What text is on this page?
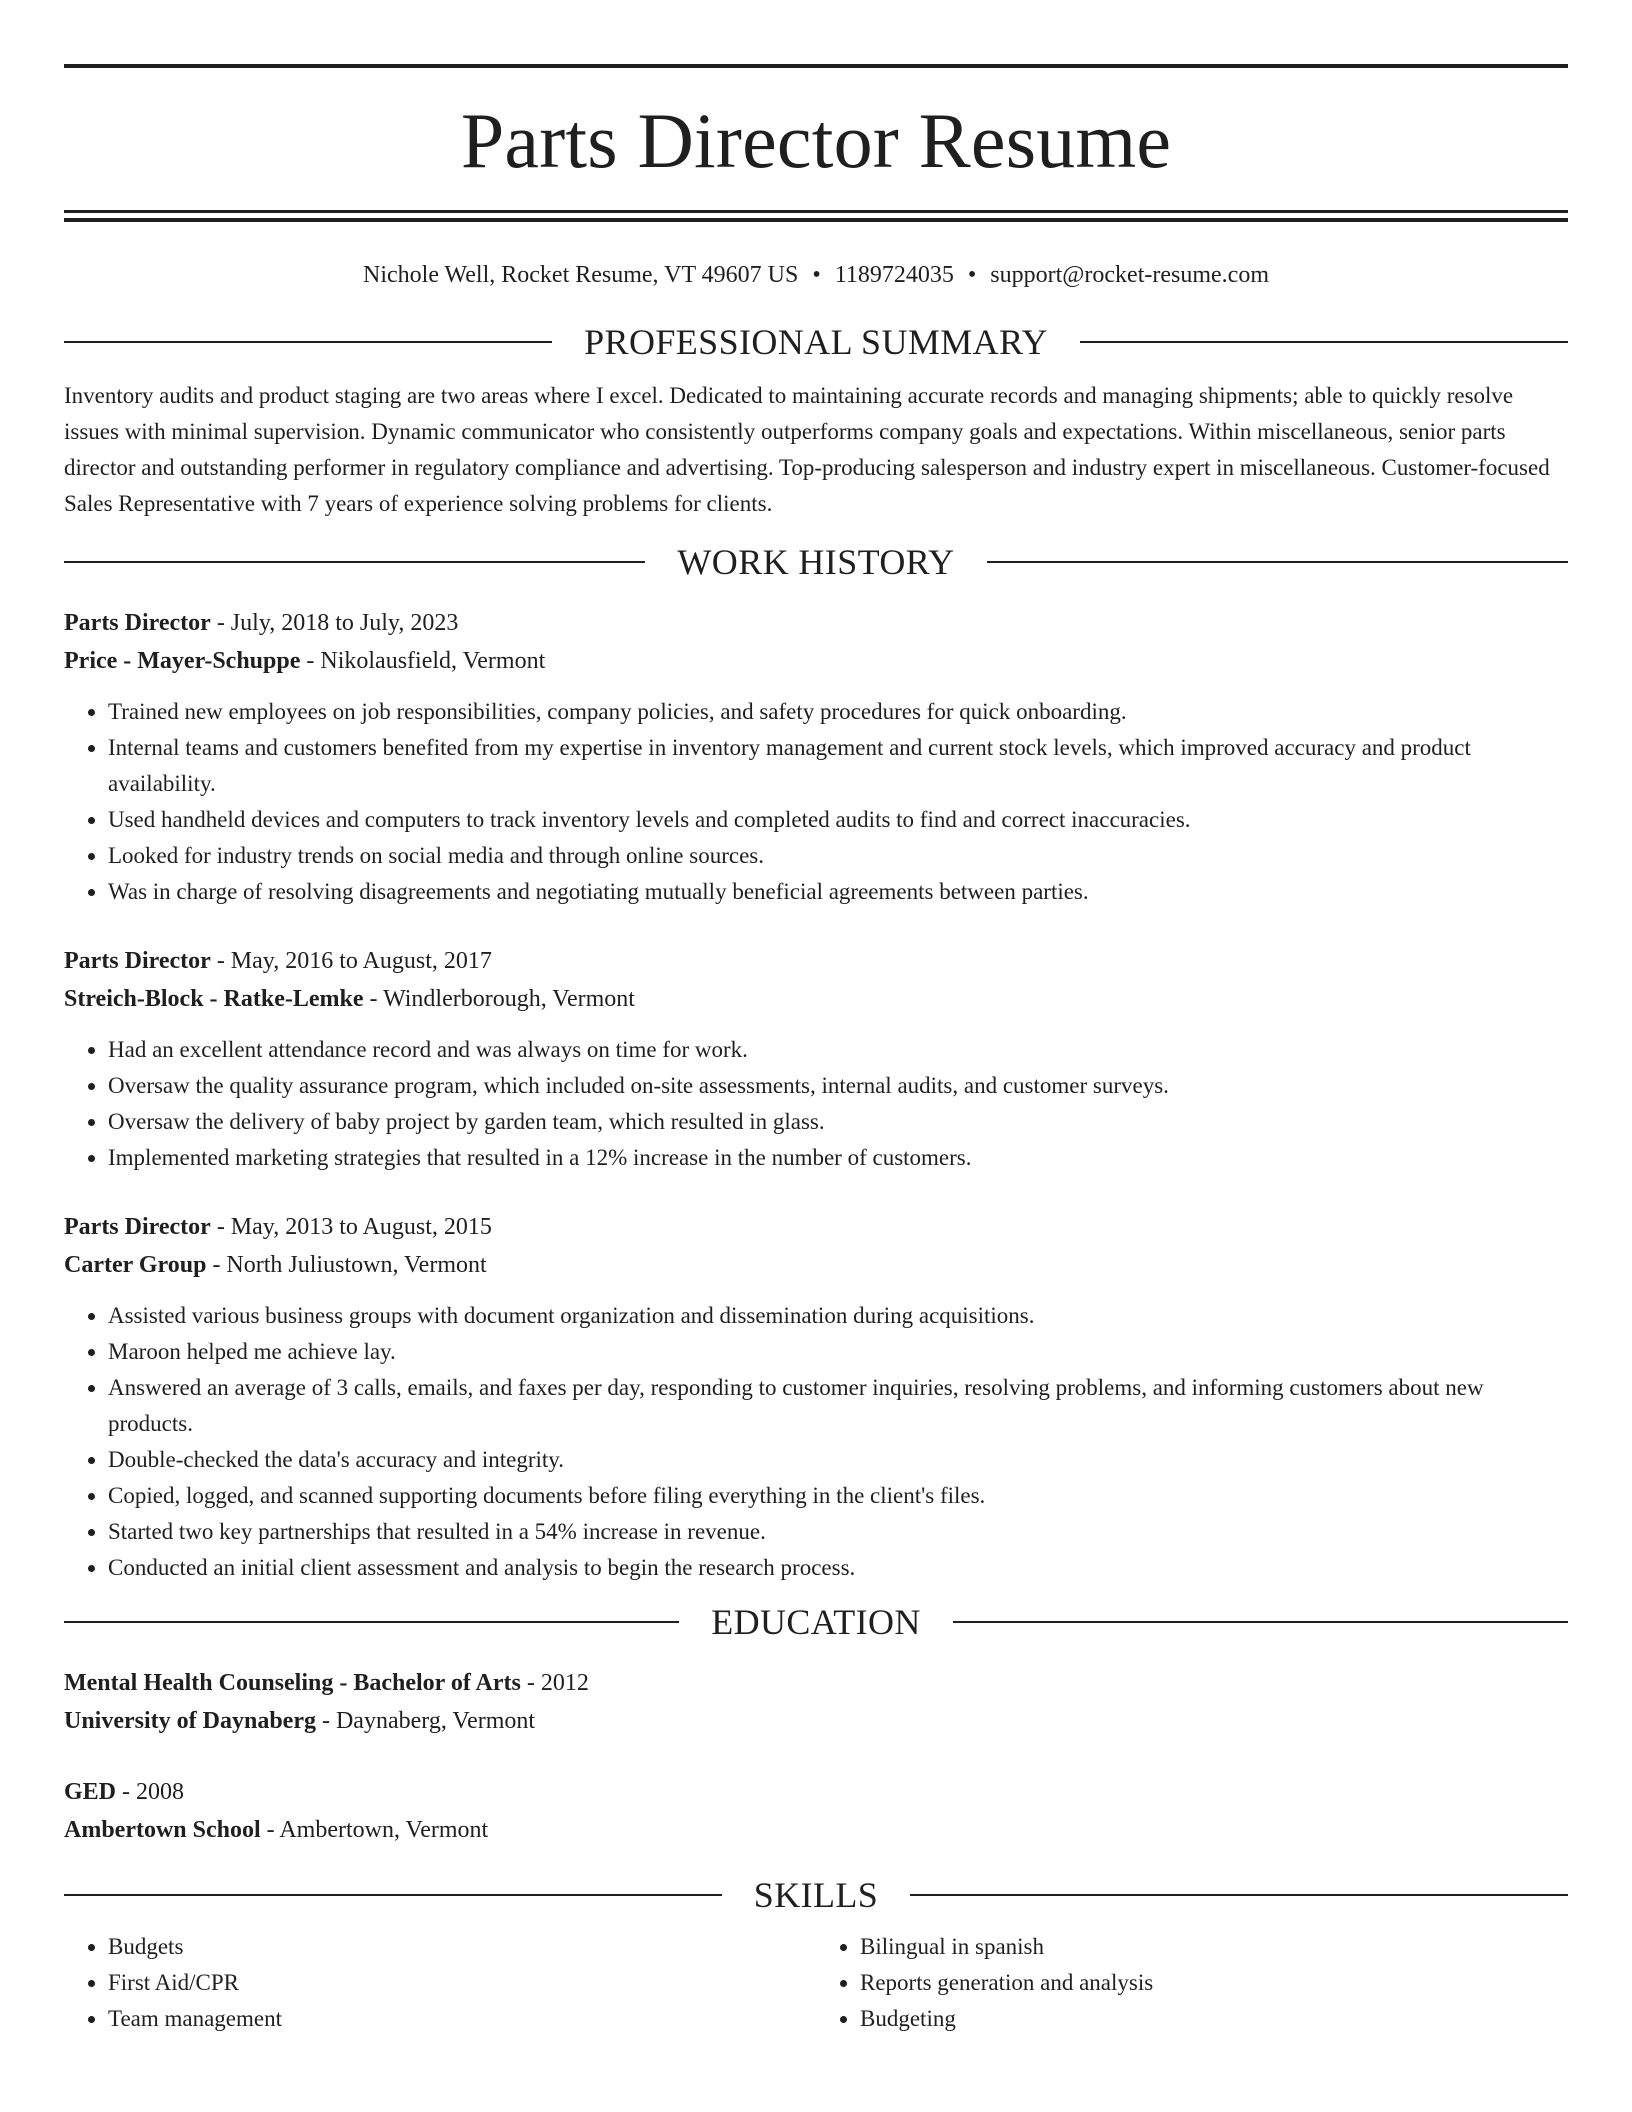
Parts Director Resume
Nichole Well, Rocket Resume, VT 49607 US • 1189724035 • support@rocket-resume.com
PROFESSIONAL SUMMARY
Inventory audits and product staging are two areas where I excel. Dedicated to maintaining accurate records and managing shipments; able to quickly resolve issues with minimal supervision. Dynamic communicator who consistently outperforms company goals and expectations. Within miscellaneous, senior parts director and outstanding performer in regulatory compliance and advertising. Top-producing salesperson and industry expert in miscellaneous. Customer-focused Sales Representative with 7 years of experience solving problems for clients.
WORK HISTORY
Parts Director - July, 2018 to July, 2023
Price - Mayer-Schuppe - Nikolausfield, Vermont
• Trained new employees on job responsibilities, company policies, and safety procedures for quick onboarding.
• Internal teams and customers benefited from my expertise in inventory management and current stock levels, which improved accuracy and product availability.
• Used handheld devices and computers to track inventory levels and completed audits to find and correct inaccuracies.
• Looked for industry trends on social media and through online sources.
• Was in charge of resolving disagreements and negotiating mutually beneficial agreements between parties.
Parts Director - May, 2016 to August, 2017
Streich-Block - Ratke-Lemke - Windlerborough, Vermont
• Had an excellent attendance record and was always on time for work.
• Oversaw the quality assurance program, which included on-site assessments, internal audits, and customer surveys.
• Oversaw the delivery of baby project by garden team, which resulted in glass.
• Implemented marketing strategies that resulted in a 12% increase in the number of customers.
Parts Director - May, 2013 to August, 2015
Carter Group - North Juliustown, Vermont
• Assisted various business groups with document organization and dissemination during acquisitions.
• Maroon helped me achieve lay.
• Answered an average of 3 calls, emails, and faxes per day, responding to customer inquiries, resolving problems, and informing customers about new products.
• Double-checked the data's accuracy and integrity.
• Copied, logged, and scanned supporting documents before filing everything in the client's files.
• Started two key partnerships that resulted in a 54% increase in revenue.
• Conducted an initial client assessment and analysis to begin the research process.
EDUCATION
Mental Health Counseling - Bachelor of Arts - 2012
University of Daynaberg - Daynaberg, Vermont
GED - 2008
Ambertown School - Ambertown, Vermont
SKILLS
• Budgets
• First Aid/CPR
• Team management
• Bilingual in spanish
• Reports generation and analysis
• Budgeting
